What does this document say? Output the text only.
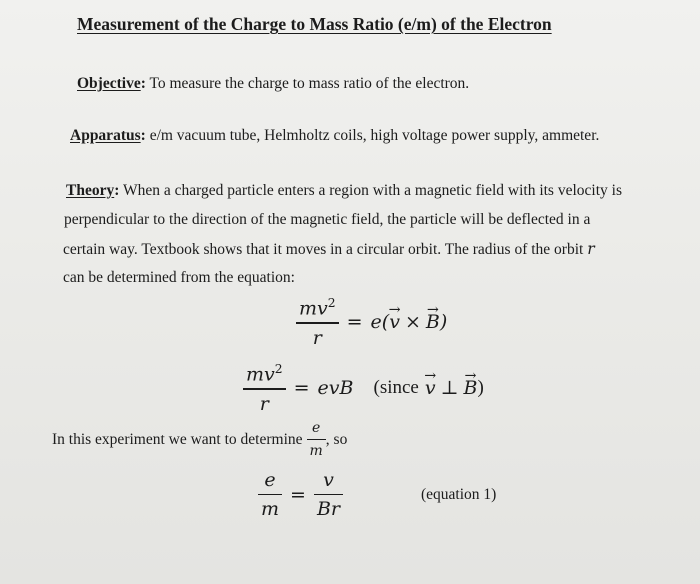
Measurement of the Charge to Mass Ratio (e/m) of the Electron
Objective: To measure the charge to mass ratio of the electron.
Apparatus: e/m vacuum tube, Helmholtz coils, high voltage power supply, ammeter.
Theory: When a charged particle enters a region with a magnetic field with its velocity is
perpendicular to the direction of the magnetic field, the particle will be deflected in a
certain way. Textbook shows that it moves in a circular orbit. The radius of the orbit r
can be determined from the equation:
$\frac{mv^2}{r} = e$(
→ v ×
→ B )
$\frac{mv^2}{r}$ = evB (since
→ v ⊥
→ B )
In this experiment we want to determine $\frac{e}{m}$ , so
$\frac{e}{m} = \frac{v}{Br}$	(equation 1)
